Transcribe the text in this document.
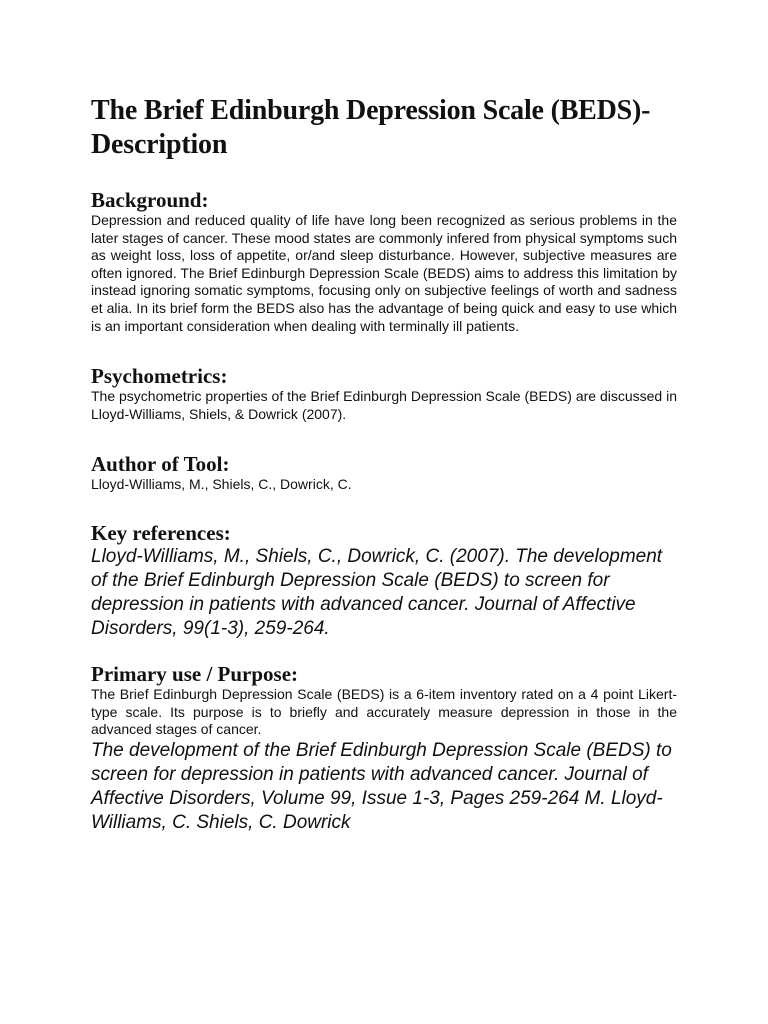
The Brief Edinburgh Depression Scale (BEDS)-Description
Background:

Depression and reduced quality of life have long been recognized as serious problems in the later stages of cancer. These mood states are commonly infered from physical symptoms such as weight loss, loss of appetite, or/and sleep disturbance. However, subjective measures are often ignored. The Brief Edinburgh Depression Scale (BEDS) aims to address this limitation by instead ignoring somatic symptoms, focusing only on subjective feelings of worth and sadness et alia. In its brief form the BEDS also has the advantage of being quick and easy to use which is an important consideration when dealing with terminally ill patients.

Psychometrics:

The psychometric properties of the Brief Edinburgh Depression Scale (BEDS) are discussed in Lloyd-Williams, Shiels, & Dowrick (2007).

Author of Tool:

Lloyd-Williams, M., Shiels, C., Dowrick, C.

Key references:

Lloyd-Williams, M., Shiels, C., Dowrick, C. (2007). The development of the Brief Edinburgh Depression Scale (BEDS) to screen for depression in patients with advanced cancer. Journal of Affective Disorders, 99(1-3), 259-264.

Primary use / Purpose:

The Brief Edinburgh Depression Scale (BEDS) is a 6-item inventory rated on a 4 point Likert-type scale. Its purpose is to briefly and accurately measure depression in those in the advanced stages of cancer.

The development of the Brief Edinburgh Depression Scale (BEDS) to screen for depression in patients with advanced cancer. Journal of Affective Disorders, Volume 99, Issue 1-3, Pages 259-264 M. Lloyd-Williams, C. Shiels, C. Dowrick
